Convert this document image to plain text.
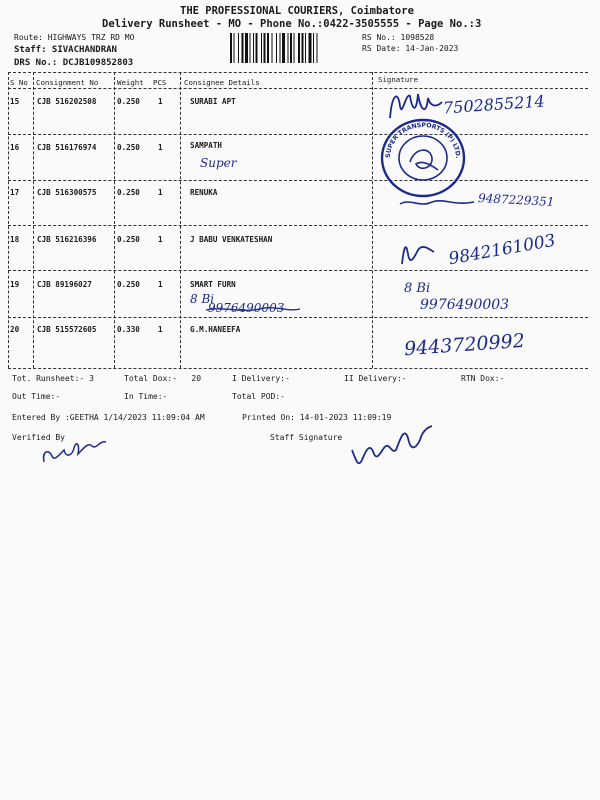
THE PROFESSIONAL COURIERS, Coimbatore
Delivery Runsheet - MO - Phone No.:0422-3505555 - Page No.:3
Route: HIGHWAYS TRZ RD MO
Staff: SIVACHANDRAN
DRS No.: DCJB109852803
RS No.: 1098528
RS Date: 14-Jan-2023
S No Consignment No	Weight PCS Consignee Details	Signature
15 CJB 516202508	0.250 1	SURABI APT
16 CJB 516176974	0.250 1	SAMPATH
17 CJB 516300575	0.250 1	RENUKA
18 CJB 516216396	0.250 1	J BABU VENKATESHAN
19 CJB 89196027	0.250 1	SMART FURN
20 CJB 515572605	0.330 1	G.M.HANEEFA
7502855214
SUPER TRANSPORTS (P) LTD. TRICHY DIVISION
Super
9487229351
9842161003
8 Bi
9976490003
8 Bi
9976490003
9443720992
Tot. Runsheet:- 3	Total Dox:-   20	I Delivery:-	II Delivery:-	RTN Dox:-
Out Time:-	In Time:-	Total POD:-
Entered By :GEETHA 1/14/2023 11:09:04 AM	Printed On: 14-01-2023 11:09:19
Verified By	Staff Signature
